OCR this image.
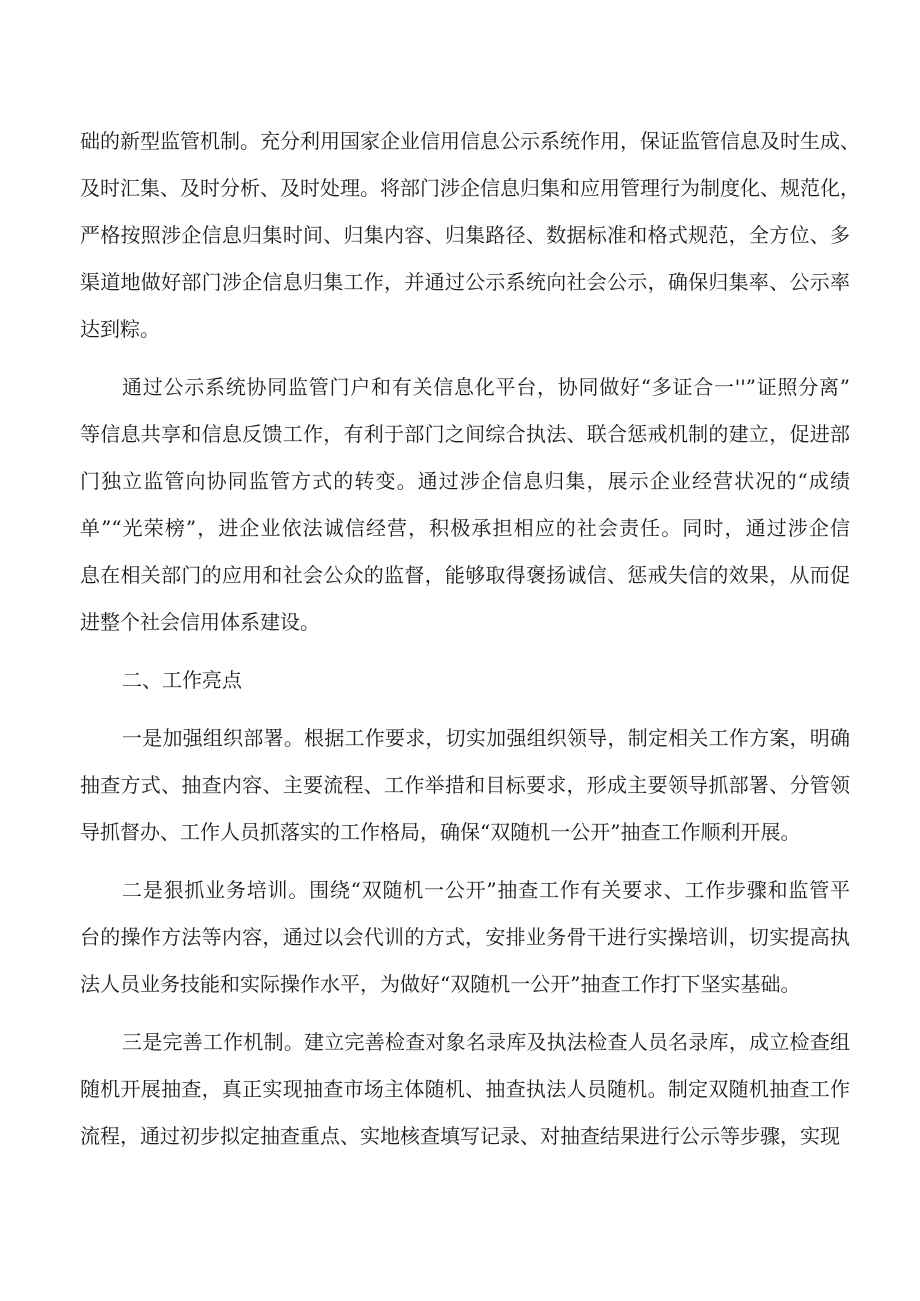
础的新型监管机制。充分利用国家企业信用信息公示系统作用，保证监管信息及时生成、
及时汇集、及时分析、及时处理。将部门涉企信息归集和应用管理行为制度化、规范化，
严格按照涉企信息归集时间、归集内容、归集路径、数据标准和格式规范，全方位、多
渠道地做好部门涉企信息归集工作，并通过公示系统向社会公示，确保归集率、公示率
达到粽。
通过公示系统协同监管门户和有关信息化平台，协同做好“多证合一''”证照分离”
等信息共享和信息反馈工作，有利于部门之间综合执法、联合惩戒机制的建立，促进部
门独立监管向协同监管方式的转变。通过涉企信息归集，展示企业经营状况的“成绩
单”“光荣榜”，进企业依法诚信经营，积极承担相应的社会责任。同时，通过涉企信
息在相关部门的应用和社会公众的监督，能够取得褒扬诚信、惩戒失信的效果，从而促
进整个社会信用体系建设。
二、工作亮点
一是加强组织部署。根据工作要求，切实加强组织领导，制定相关工作方案，明确
抽查方式、抽查内容、主要流程、工作举措和目标要求，形成主要领导抓部署、分管领
导抓督办、工作人员抓落实的工作格局，确保“双随机一公开”抽查工作顺利开展。
二是狠抓业务培训。围绕“双随机一公开”抽查工作有关要求、工作步骤和监管平
台的操作方法等内容，通过以会代训的方式，安排业务骨干进行实操培训，切实提高执
法人员业务技能和实际操作水平，为做好“双随机一公开”抽查工作打下坚实基础。
三是完善工作机制。建立完善检查对象名录库及执法检查人员名录库，成立检查组
随机开展抽查，真正实现抽查市场主体随机、抽查执法人员随机。制定双随机抽查工作
流程，通过初步拟定抽查重点、实地核查填写记录、对抽查结果进行公示等步骤，实现
